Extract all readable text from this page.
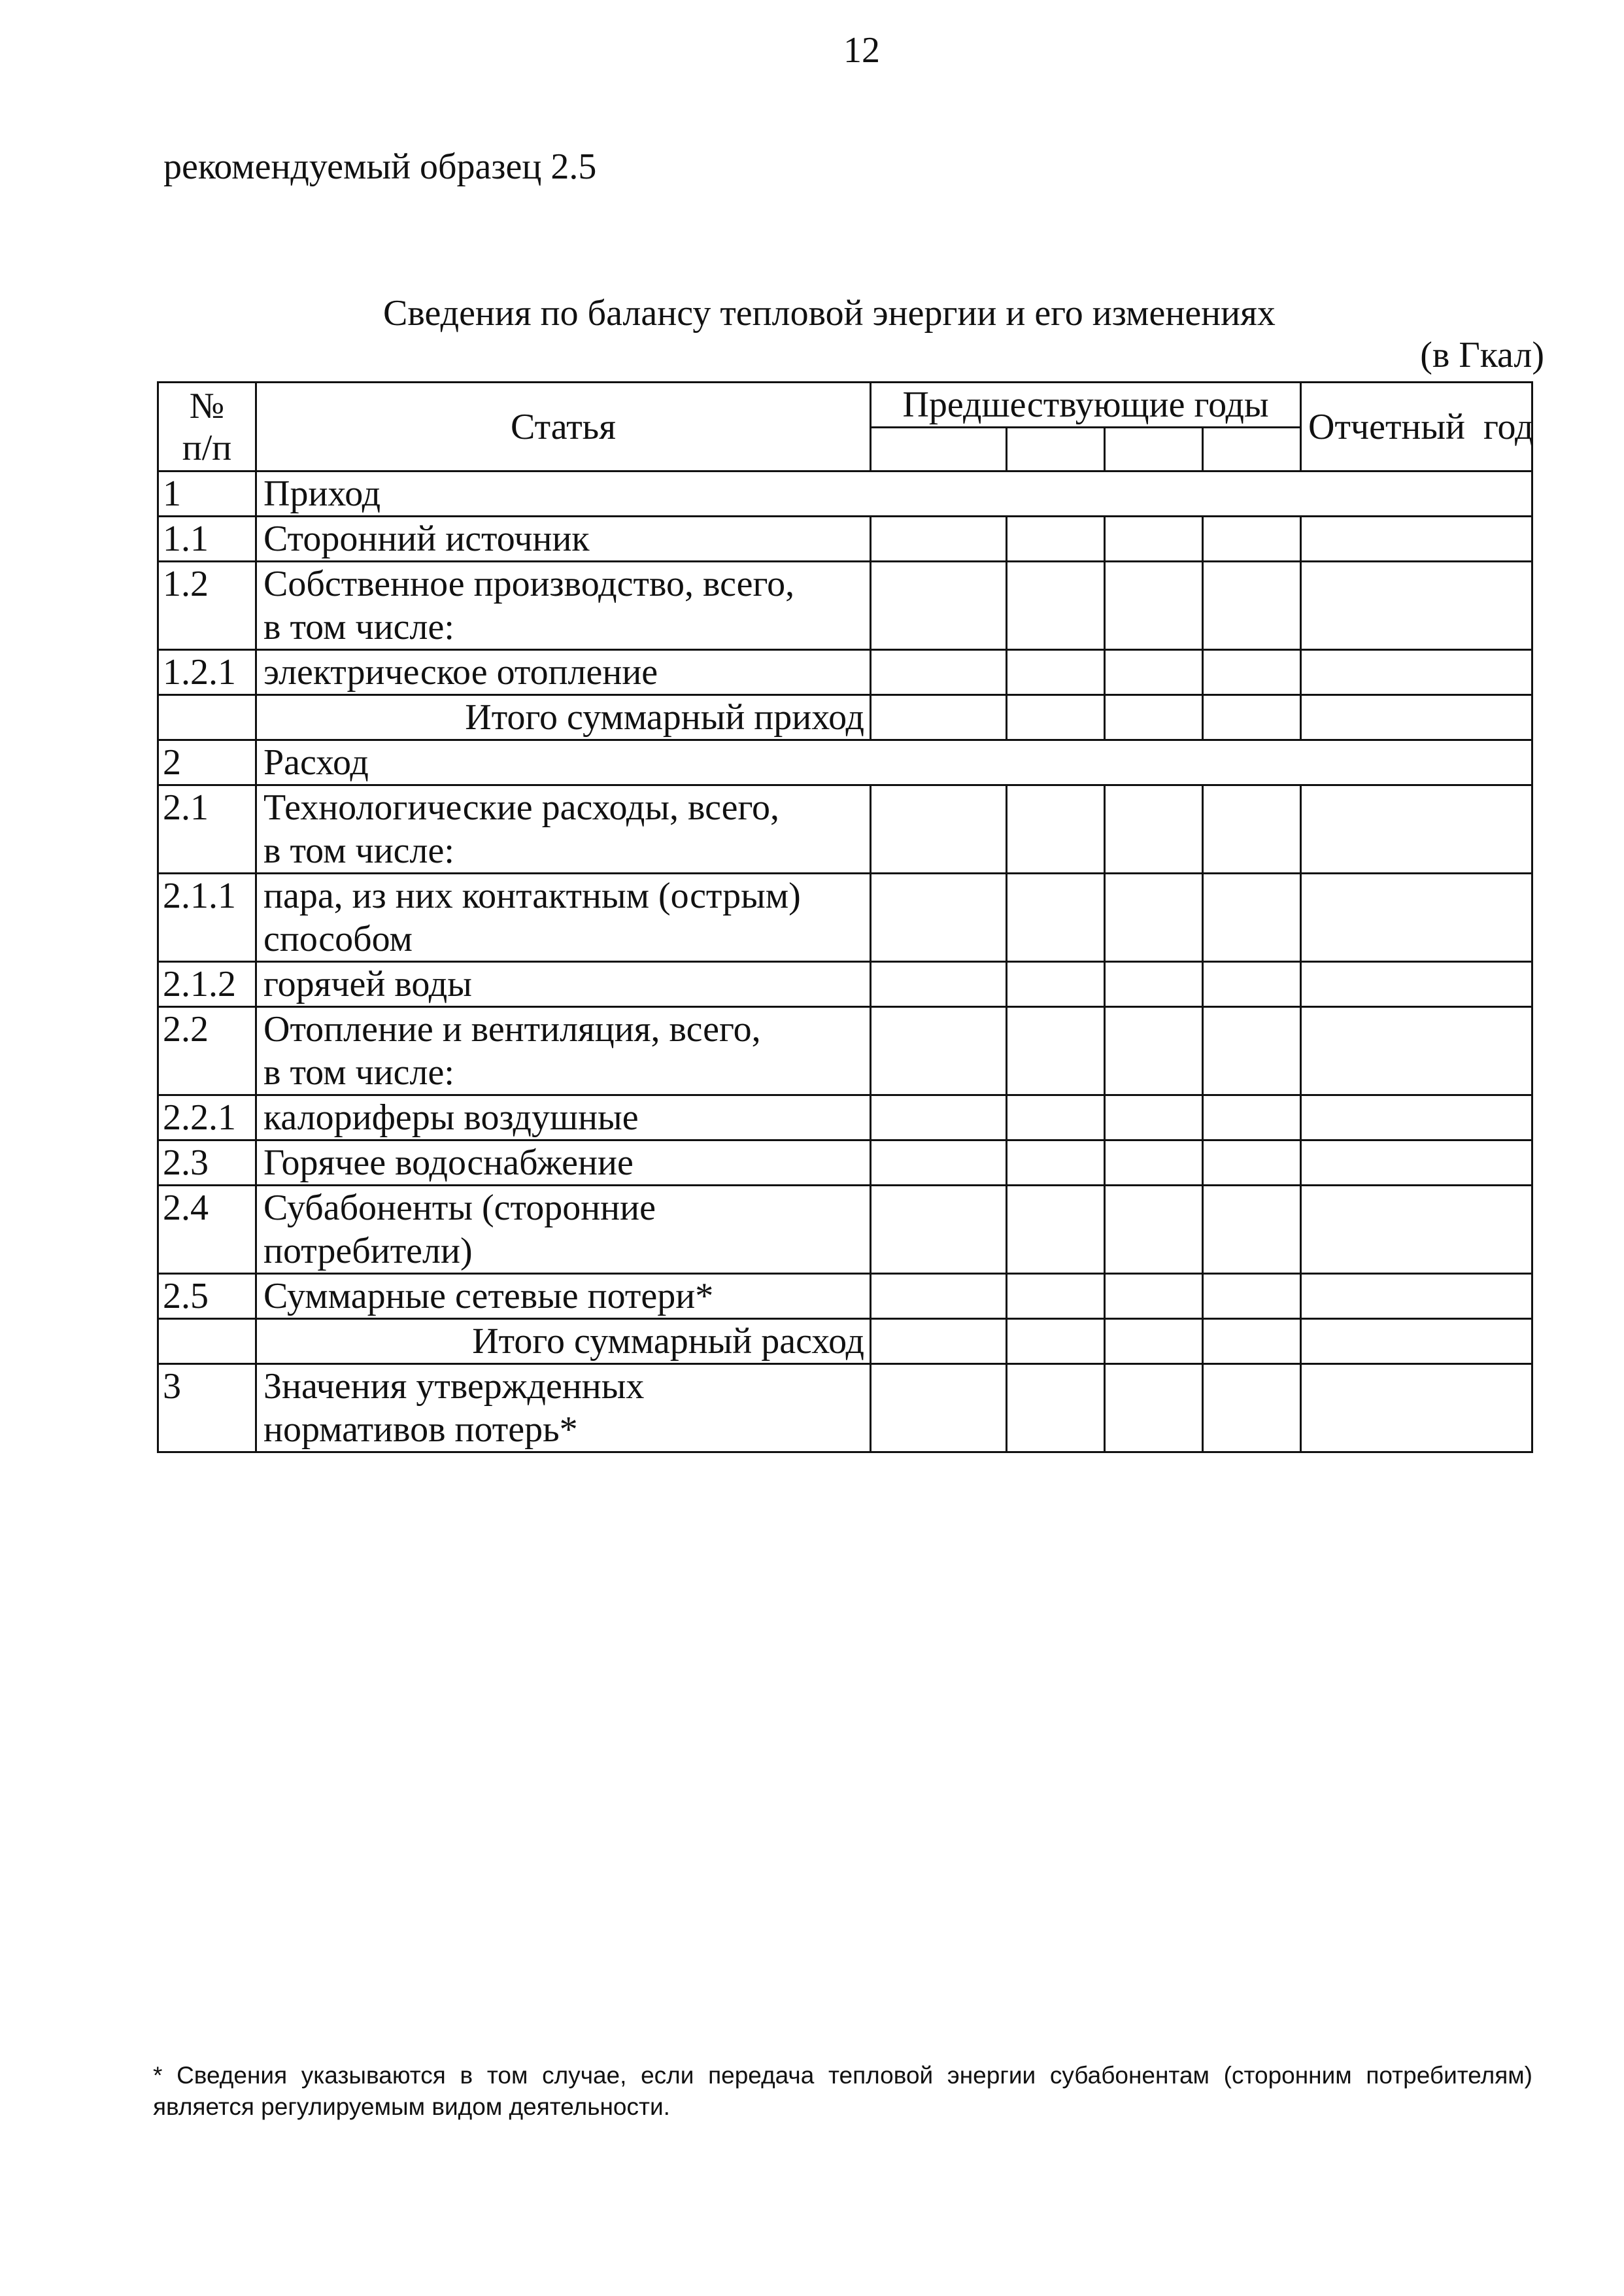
12
рекомендуемый образец 2.5
Сведения по балансу тепловой энергии и его изменениях
(в Гкал)
№
п/п	Статья	Предшествующие годы				Отчетный  год

1	Приход					
1.1	Сторонний источник					
1.2	Собственное производство, всего,
в том числе:					
1.2.1	электрическое отопление					
	Итого суммарный приход					
2	Расход					
2.1	Технологические расходы, всего,
в том числе:					
2.1.1	пара, из них контактным (острым)
способом					
2.1.2	горячей воды					
2.2	Отопление и вентиляция, всего,
в том числе:					
2.2.1	калориферы воздушные					
2.3	Горячее водоснабжение					
2.4	Субабоненты (сторонние
потребители)					
2.5	Суммарные сетевые потери*					
	Итого суммарный расход					
3	Значения утвержденных
нормативов потерь*					
* Сведения указываются в том случае, если передача тепловой энергии субабонентам (сторонним потребителям) является регулируемым видом деятельности.
